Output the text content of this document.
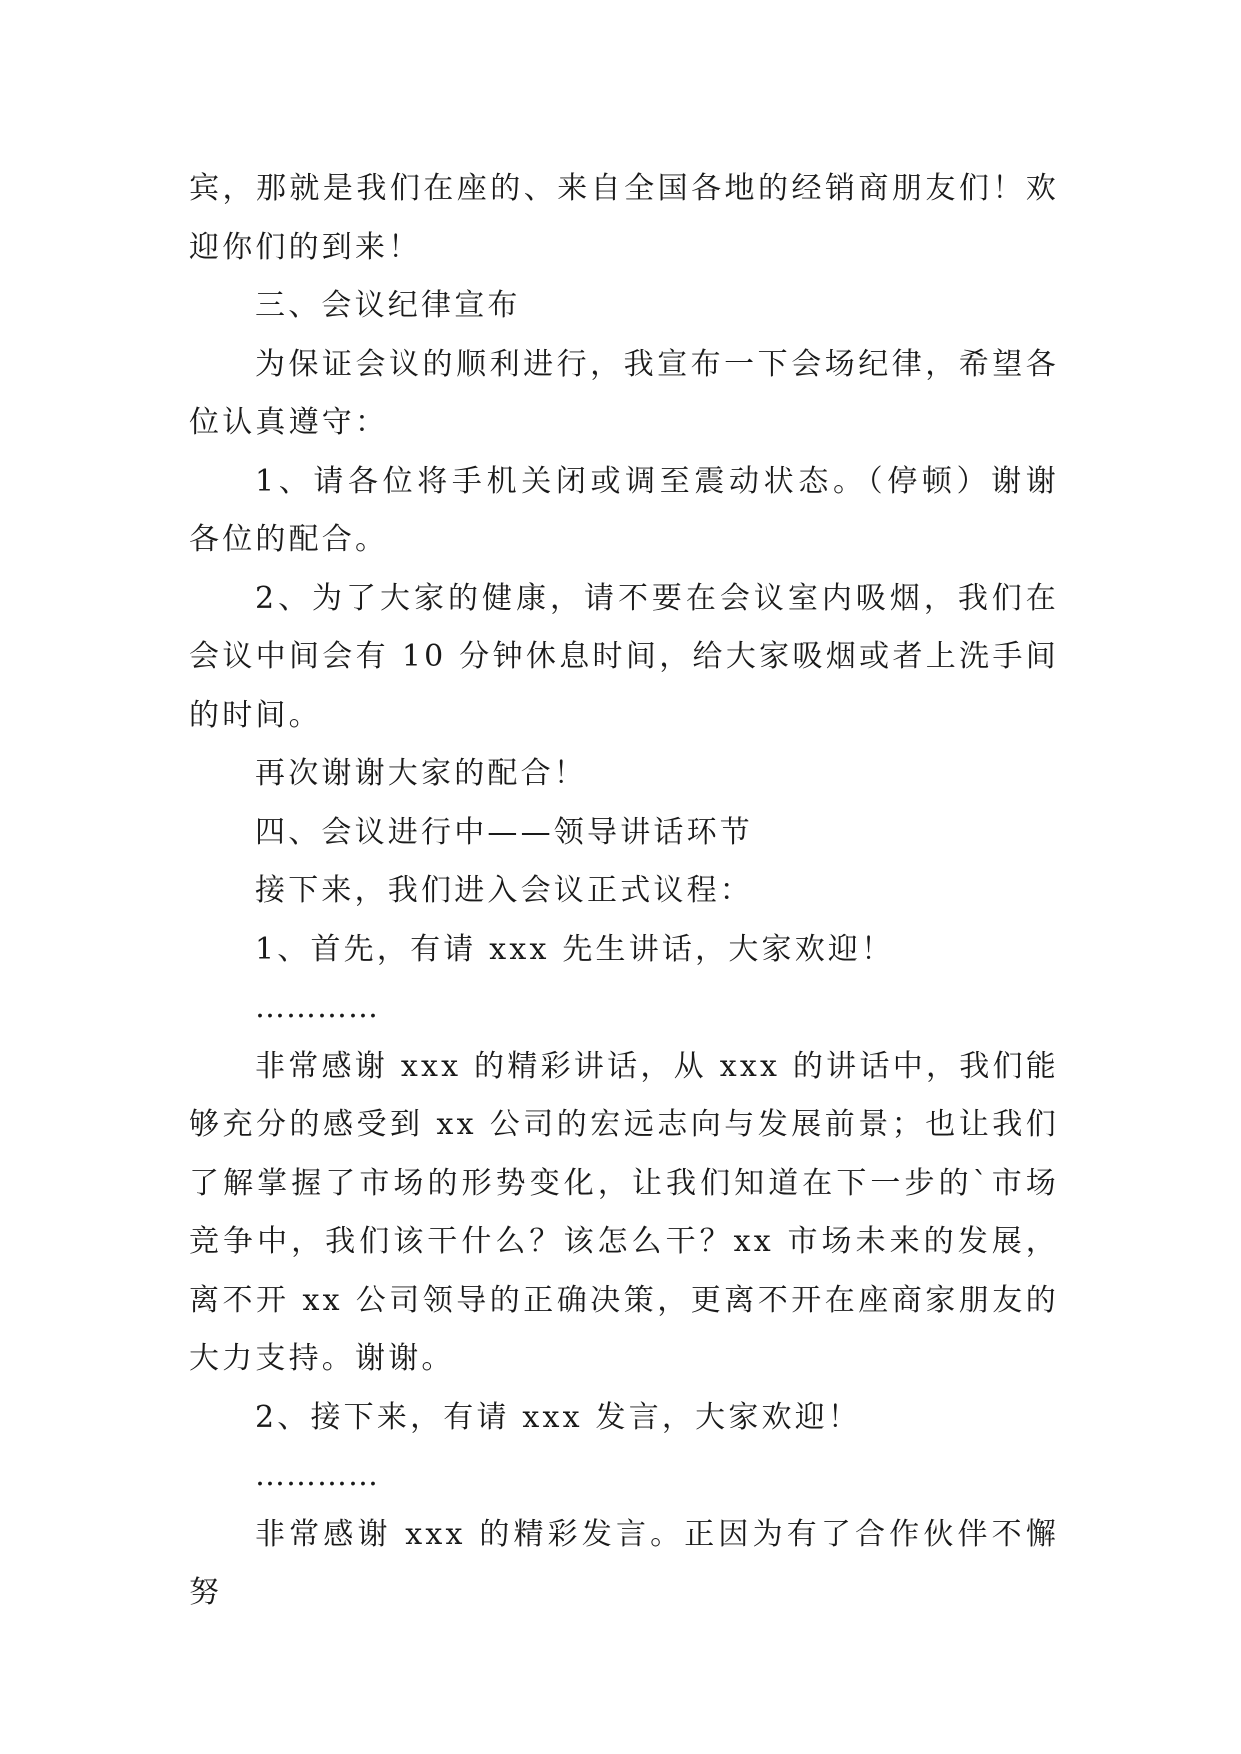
宾，那就是我们在座的、来自全国各地的经销商朋友们！欢迎你们的到来！

三、会议纪律宣布

为保证会议的顺利进行，我宣布一下会场纪律，希望各位认真遵守：

1、请各位将手机关闭或调至震动状态。（停顿）谢谢各位的配合。

2、为了大家的健康，请不要在会议室内吸烟，我们在会议中间会有 10 分钟休息时间，给大家吸烟或者上洗手间的时间。

再次谢谢大家的配合！

四、会议进行中——领导讲话环节

接下来，我们进入会议正式议程：

1、首先，有请 xxx 先生讲话，大家欢迎！

…………

非常感谢 xxx 的精彩讲话，从 xxx 的讲话中，我们能够充分的感受到 xx 公司的宏远志向与发展前景；也让我们了解掌握了市场的形势变化，让我们知道在下一步的`市场竞争中，我们该干什么？该怎么干？xx 市场未来的发展，离不开 xx 公司领导的正确决策，更离不开在座商家朋友的大力支持。谢谢。

2、接下来，有请 xxx 发言，大家欢迎！

…………

非常感谢 xxx 的精彩发言。正因为有了合作伙伴不懈努
